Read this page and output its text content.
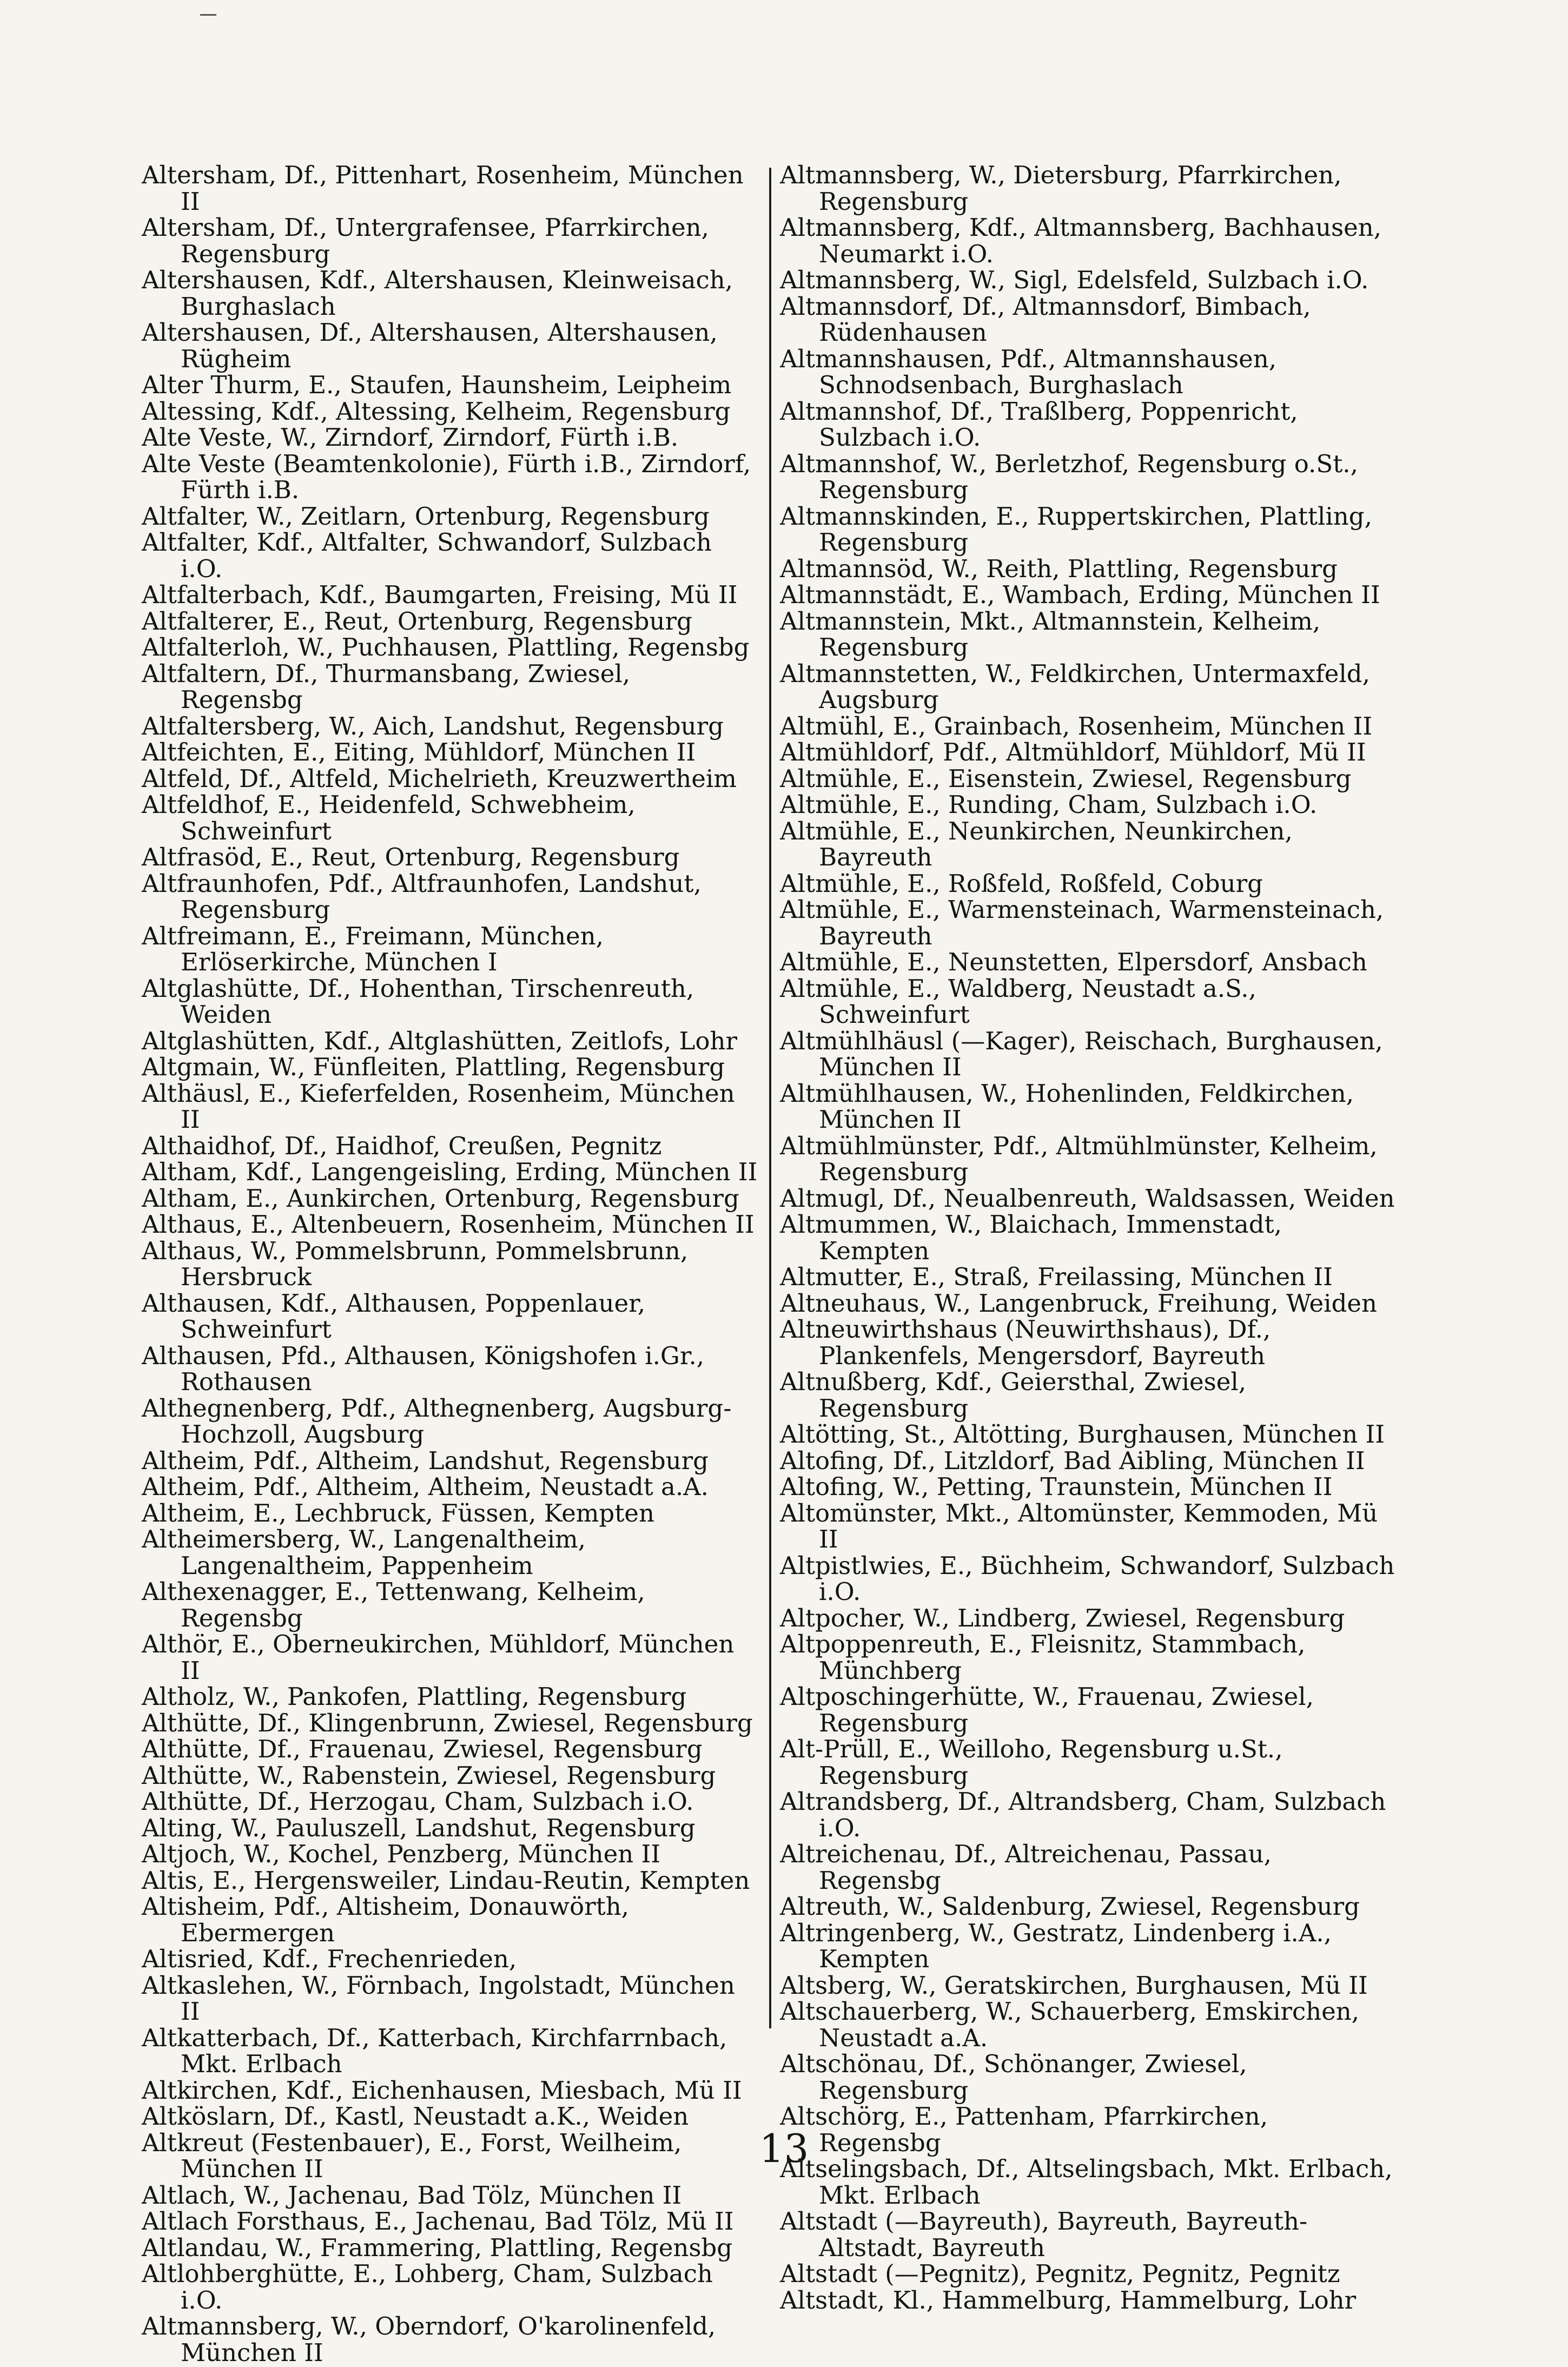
Altersham, Df., Pittenhart, Rosenheim, München II
Altersham, Df., Untergrafensee, Pfarrkirchen, Regensburg
Altershausen, Kdf., Altershausen, Kleinweisach, Burghaslach
Altershausen, Df., Altershausen, Altershausen, Rügheim
Alter Thurm, E., Staufen, Haunsheim, Leipheim
Altessing, Kdf., Altessing, Kelheim, Regensburg
Alte Veste, W., Zirndorf, Zirndorf, Fürth i.B.
Alte Veste (Beamtenkolonie), Fürth i.B., Zirndorf, Fürth i.B.
Altfalter, W., Zeitlarn, Ortenburg, Regensburg
Altfalter, Kdf., Altfalter, Schwandorf, Sulzbach i.O.
Altfalterbach, Kdf., Baumgarten, Freising, Mü II
Altfalterer, E., Reut, Ortenburg, Regensburg
Altfalterloh, W., Puchhausen, Plattling, Regensbg
Altfaltern, Df., Thurmansbang, Zwiesel, Regensbg
Altfaltersberg, W., Aich, Landshut, Regensburg
Altfeichten, E., Eiting, Mühldorf, München II
Altfeld, Df., Altfeld, Michelrieth, Kreuzwertheim
Altfeldhof, E., Heidenfeld, Schwebheim, Schweinfurt
Altfrasöd, E., Reut, Ortenburg, Regensburg
Altfraunhofen, Pdf., Altfraunhofen, Landshut, Regensburg
Altfreimann, E., Freimann, München, Erlöserkirche, München I
Altglashütte, Df., Hohenthan, Tirschenreuth, Weiden
Altglashütten, Kdf., Altglashütten, Zeitlofs, Lohr
Altgmain, W., Fünfleiten, Plattling, Regensburg
Althäusl, E., Kieferfelden, Rosenheim, München II
Althaidhof, Df., Haidhof, Creußen, Pegnitz
Altham, Kdf., Langengeisling, Erding, München II
Altham, E., Aunkirchen, Ortenburg, Regensburg
Althaus, E., Altenbeuern, Rosenheim, München II
Althaus, W., Pommelsbrunn, Pommelsbrunn, Hersbruck
Althausen, Kdf., Althausen, Poppenlauer, Schweinfurt
Althausen, Pfd., Althausen, Königshofen i.Gr., Rothausen
Althegnenberg, Pdf., Althegnenberg, Augsburg-Hochzoll, Augsburg
Altheim, Pdf., Altheim, Landshut, Regensburg
Altheim, Pdf., Altheim, Altheim, Neustadt a.A.
Altheim, E., Lechbruck, Füssen, Kempten
Altheimersberg, W., Langenaltheim, Langenaltheim, Pappenheim
Althexenagger, E., Tettenwang, Kelheim, Regensbg
Althör, E., Oberneukirchen, Mühldorf, München II
Altholz, W., Pankofen, Plattling, Regensburg
Althütte, Df., Klingenbrunn, Zwiesel, Regensburg
Althütte, Df., Frauenau, Zwiesel, Regensburg
Althütte, W., Rabenstein, Zwiesel, Regensburg
Althütte, Df., Herzogau, Cham, Sulzbach i.O.
Alting, W., Pauluszell, Landshut, Regensburg
Altjoch, W., Kochel, Penzberg, München II
Altis, E., Hergensweiler, Lindau-Reutin, Kempten
Altisheim, Pdf., Altisheim, Donauwörth, Ebermergen
Altisried, Kdf., Frechenrieden,
Altkaslehen, W., Förnbach, Ingolstadt, München II
Altkatterbach, Df., Katterbach, Kirchfarrnbach, Mkt. Erlbach
Altkirchen, Kdf., Eichenhausen, Miesbach, Mü II
Altköslarn, Df., Kastl, Neustadt a.K., Weiden
Altkreut (Festenbauer), E., Forst, Weilheim, München II
Altlach, W., Jachenau, Bad Tölz, München II
Altlach Forsthaus, E., Jachenau, Bad Tölz, Mü II
Altlandau, W., Frammering, Plattling, Regensbg
Altlohberghütte, E., Lohberg, Cham, Sulzbach i.O.
Altmannsberg, W., Oberndorf, O'karolinenfeld, München II
Altmannsberg, W., Dietersburg, Pfarrkirchen, Regensburg
Altmannsberg, Kdf., Altmannsberg, Bachhausen, Neumarkt i.O.
Altmannsberg, W., Sigl, Edelsfeld, Sulzbach i.O.
Altmannsdorf, Df., Altmannsdorf, Bimbach, Rüdenhausen
Altmannshausen, Pdf., Altmannshausen, Schnodsenbach, Burghaslach
Altmannshof, Df., Traßlberg, Poppenricht, Sulzbach i.O.
Altmannshof, W., Berletzhof, Regensburg o.St., Regensburg
Altmannskinden, E., Ruppertskirchen, Plattling, Regensburg
Altmannsöd, W., Reith, Plattling, Regensburg
Altmannstädt, E., Wambach, Erding, München II
Altmannstein, Mkt., Altmannstein, Kelheim, Regensburg
Altmannstetten, W., Feldkirchen, Untermaxfeld, Augsburg
Altmühl, E., Grainbach, Rosenheim, München II
Altmühldorf, Pdf., Altmühldorf, Mühldorf, Mü II
Altmühle, E., Eisenstein, Zwiesel, Regensburg
Altmühle, E., Runding, Cham, Sulzbach i.O.
Altmühle, E., Neunkirchen, Neunkirchen, Bayreuth
Altmühle, E., Roßfeld, Roßfeld, Coburg
Altmühle, E., Warmensteinach, Warmensteinach, Bayreuth
Altmühle, E., Neunstetten, Elpersdorf, Ansbach
Altmühle, E., Waldberg, Neustadt a.S., Schweinfurt
Altmühlhäusl (—Kager), Reischach, Burghausen, München II
Altmühlhausen, W., Hohenlinden, Feldkirchen, München II
Altmühlmünster, Pdf., Altmühlmünster, Kelheim, Regensburg
Altmugl, Df., Neualbenreuth, Waldsassen, Weiden
Altmummen, W., Blaichach, Immenstadt, Kempten
Altmutter, E., Straß, Freilassing, München II
Altneuhaus, W., Langenbruck, Freihung, Weiden
Altneuwirthshaus (Neuwirthshaus), Df., Plankenfels, Mengersdorf, Bayreuth
Altnußberg, Kdf., Geiersthal, Zwiesel, Regensburg
Altötting, St., Altötting, Burghausen, München II
Altofing, Df., Litzldorf, Bad Aibling, München II
Altofing, W., Petting, Traunstein, München II
Altomünster, Mkt., Altomünster, Kemmoden, Mü II
Altpistlwies, E., Büchheim, Schwandorf, Sulzbach i.O.
Altpocher, W., Lindberg, Zwiesel, Regensburg
Altpoppenreuth, E., Fleisnitz, Stammbach, Münchberg
Altposchingerhütte, W., Frauenau, Zwiesel, Regensburg
Alt-Prüll, E., Weilloho, Regensburg u.St., Regensburg
Altrandsberg, Df., Altrandsberg, Cham, Sulzbach i.O.
Altreichenau, Df., Altreichenau, Passau, Regensbg
Altreuth, W., Saldenburg, Zwiesel, Regensburg
Altringenberg, W., Gestratz, Lindenberg i.A., Kempten
Altsberg, W., Geratskirchen, Burghausen, Mü II
Altschauerberg, W., Schauerberg, Emskirchen, Neustadt a.A.
Altschönau, Df., Schönanger, Zwiesel, Regensburg
Altschörg, E., Pattenham, Pfarrkirchen, Regensbg
Altselingsbach, Df., Altselingsbach, Mkt. Erlbach, Mkt. Erlbach
Altstadt (—Bayreuth), Bayreuth, Bayreuth-Altstadt, Bayreuth
Altstadt (—Pegnitz), Pegnitz, Pegnitz, Pegnitz
Altstadt, Kl., Hammelburg, Hammelburg, Lohr
13
